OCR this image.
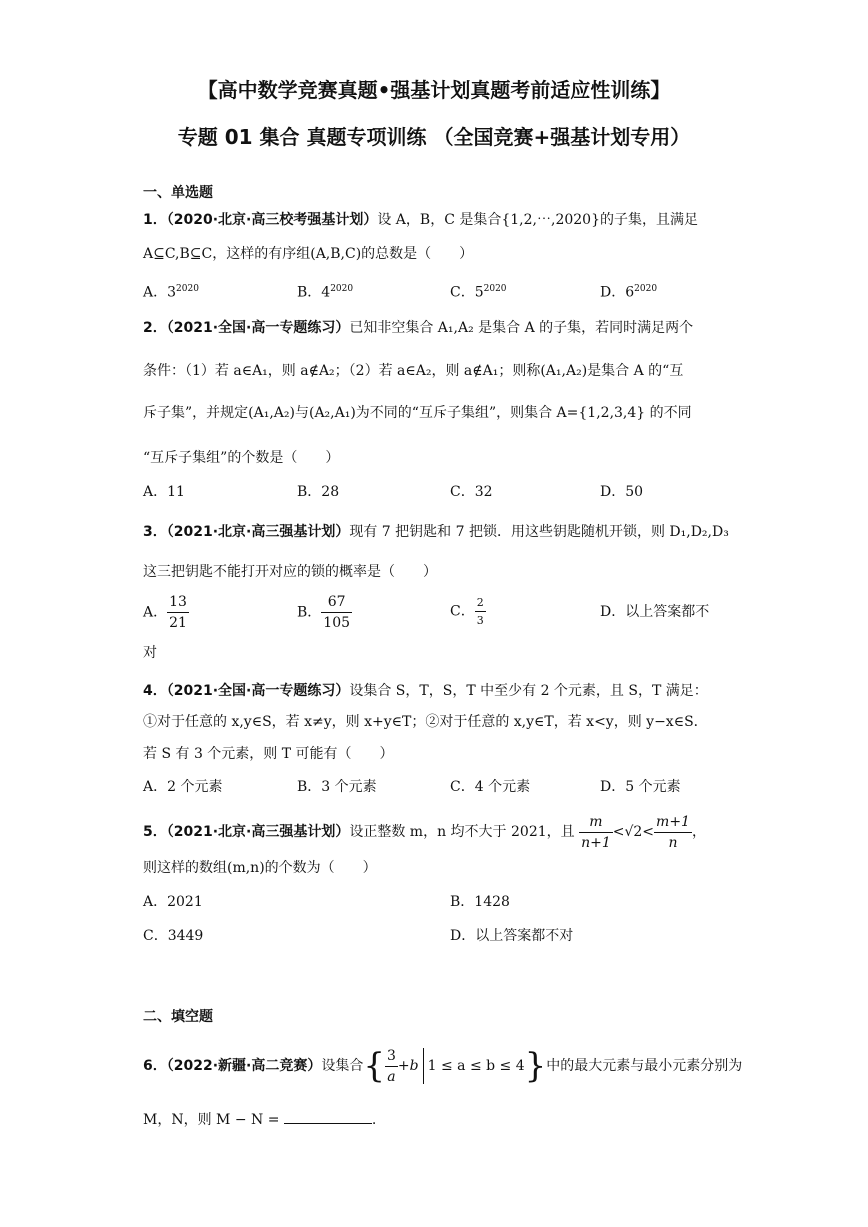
【高中数学竞赛真题•强基计划真题考前适应性训练】
专题 01 集合 真题专项训练 （全国竞赛+强基计划专用）
一、单选题
1．（2020·北京·高三校考强基计划）设 A，B，C 是集合{1,2,⋯,2020}的子集，且满足
A⊆C,B⊆C，这样的有序组(A,B,C)的总数是（　　）
A．$3^{2020}$	B．$4^{2020}$	C．$5^{2020}$	D．$6^{2020}$
2．（2021·全国·高一专题练习）已知非空集合 A₁,A₂ 是集合 A 的子集，若同时满足两个
条件：（1）若 a∈A₁，则 a∉A₂；（2）若 a∈A₂，则 a∉A₁；则称(A₁,A₂)是集合 A 的“互
斥子集”，并规定(A₁,A₂)与(A₂,A₁)为不同的“互斥子集组”，则集合 A={1,2,3,4} 的不同
“互斥子集组”的个数是（　　）
A．11	B．28	C．32	D．50
3．（2021·北京·高三强基计划）现有 7 把钥匙和 7 把锁．用这些钥匙随机开锁，则 D₁,D₂,D₃
这三把钥匙不能打开对应的锁的概率是（　　）
A． $\frac{13}{21}$	B． $\frac{67}{105}$	C． $\frac{2}{3}$	D．以上答案都不
对
4．（2021·全国·高一专题练习）设集合 S，T，S，T 中至少有 2 个元素，且 S，T 满足：
①对于任意的 x,y∈S，若 x≠y，则 x+y∈T；②对于任意的 x,y∈T，若 x<y，则 y−x∈S．
若 S 有 3 个元素，则 T 可能有（　　）
A．2 个元素	B．3 个元素	C．4 个元素	D．5 个元素
5．（2021·北京·高三强基计划）设正整数 m，n 均不大于 2021，且 $\frac{m}{n+1} <√2< \frac{m+1}{n}$ ，
则这样的数组(m,n)的个数为（　　）
A．2021	B．1428
C．3449	D．以上答案都不对
二、填空题
6．（2022·新疆·高二竞赛）设集合{ $\frac{3}{a} +b$ 1 ≤ a ≤ b ≤ 4}中的最大元素与最小元素分别为
M，N，则 M − N =	.
